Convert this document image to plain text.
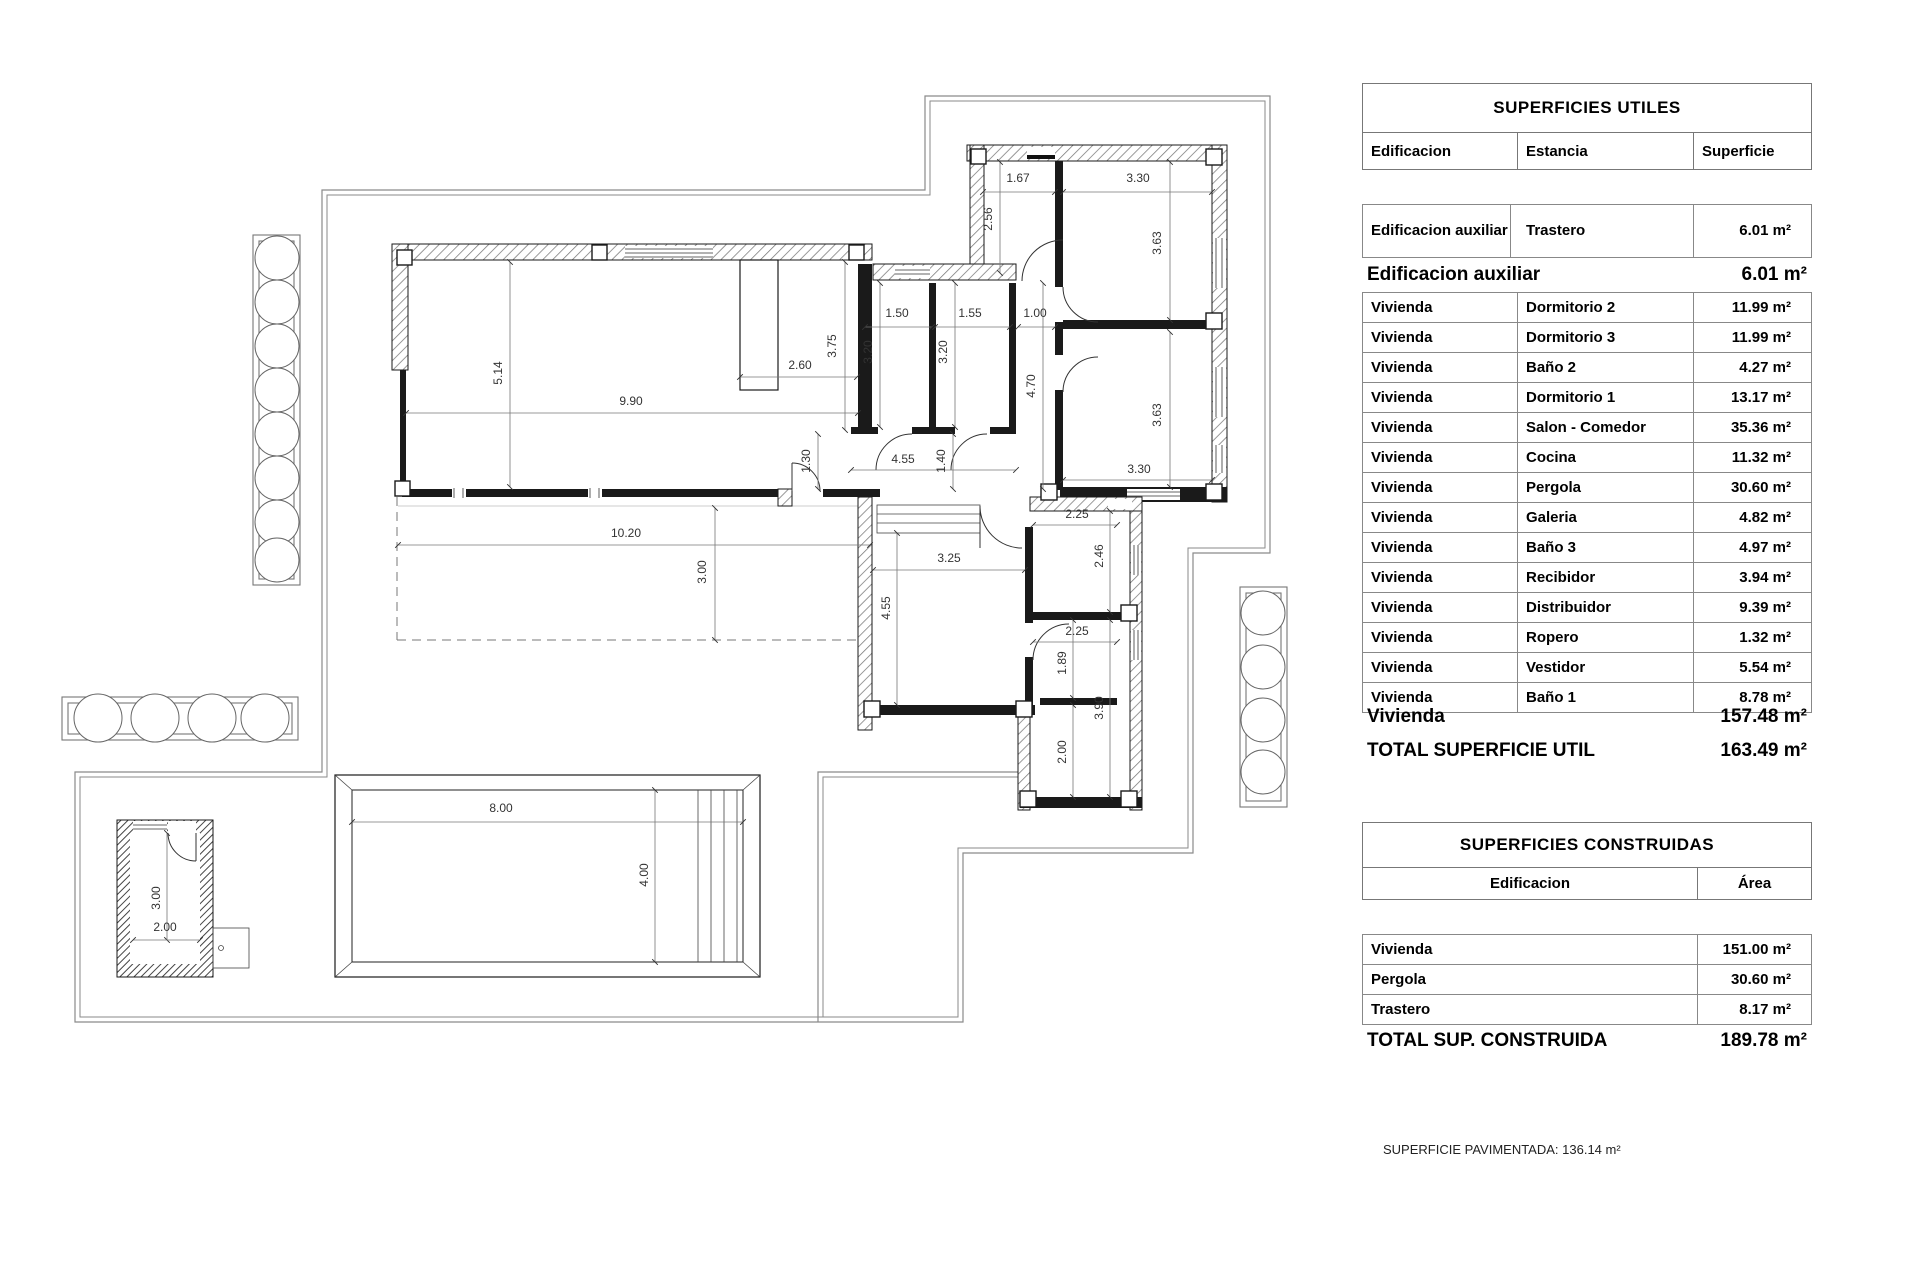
5.14
9.90
2.60
3.75
10.20
3.00
1.30	4.55 1.40
1.67
2.56
3.30
3.63
1.50	1.55	1.00
3.20	3.20
4.70
3.63
3.30
2.25
2.46
3.25
4.55
2.25
1.89
3.90
2.00
8.00
4.00
3.00
2.00
SUPERFICIES UTILES
Edificacion	Estancia	Superficie
Edificacion auxiliar	Trastero	6.01 m²
Edificacion auxiliar	6.01 m²
Vivienda	Dormitorio 2	11.99 m²
Vivienda	Dormitorio 3	11.99 m²
Vivienda	Baño 2	4.27 m²
Vivienda	Dormitorio 1	13.17 m²
Vivienda	Salon - Comedor	35.36 m²
Vivienda	Cocina	11.32 m²
Vivienda	Pergola	30.60 m²
Vivienda	Galeria	4.82 m²
Vivienda	Baño 3	4.97 m²
Vivienda	Recibidor	3.94 m²
Vivienda	Distribuidor	9.39 m²
Vivienda	Ropero	1.32 m²
Vivienda	Vestidor	5.54 m²
Vivienda	Baño 1	8.78 m²
Vivienda	157.48 m²
TOTAL SUPERFICIE UTIL	163.49 m²
SUPERFICIES CONSTRUIDAS
Edificacion	Área
Vivienda	151.00 m²
Pergola	30.60 m²
Trastero	8.17 m²
TOTAL SUP. CONSTRUIDA	189.78 m²
SUPERFICIE PAVIMENTADA: 136.14 m²
